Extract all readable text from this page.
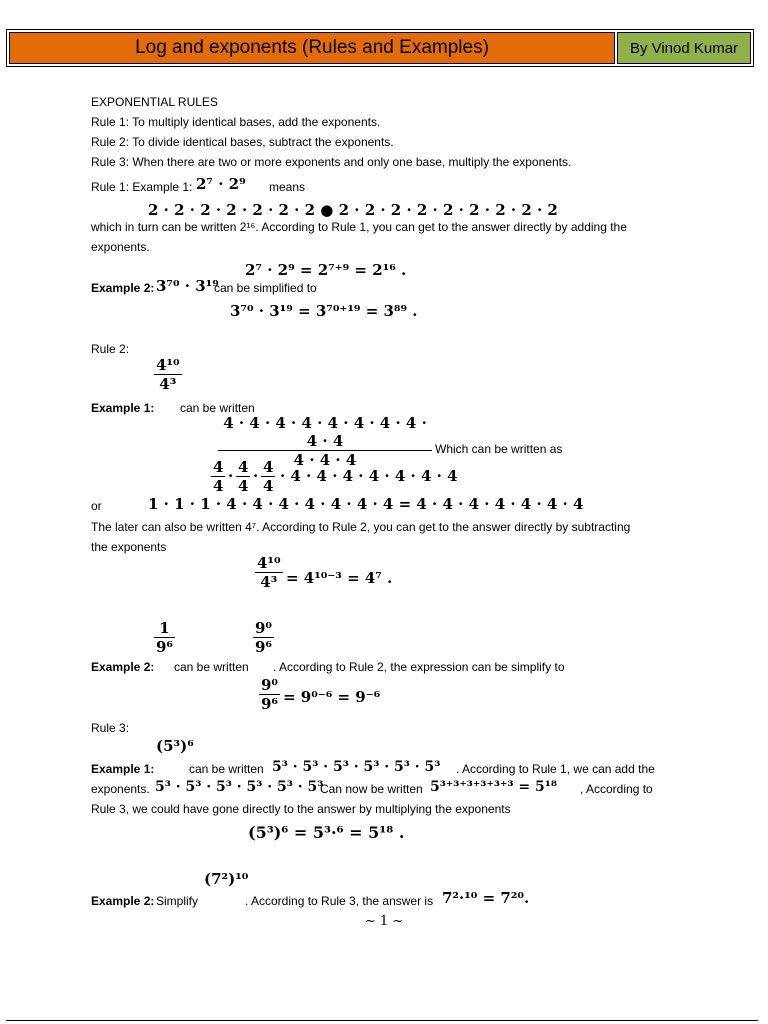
Log and exponents (Rules and Examples)	By Vinod Kumar
EXPONENTIAL RULES
Rule 1: To multiply identical bases, add the exponents.
Rule 2: To divide identical bases, subtract the exponents.
Rule 3: When there are two or more exponents and only one base, multiply the exponents.
Rule 1: Example 1: 2⁷ · 2⁹ means
2 · 2 · 2 · 2 · 2 · 2 · 2 ● 2 · 2 · 2 · 2 · 2 · 2 · 2 · 2 · 2
which in turn can be written 2¹⁶. According to Rule 1, you can get to the answer directly by adding the
exponents.
2⁷ · 2⁹ = 2⁷⁺⁹ = 2¹⁶ .
Example 2: 3⁷⁰ · 3¹⁹
can be simplified to
3⁷⁰ · 3¹⁹ = 3⁷⁰⁺¹⁹ = 3⁸⁹ .
Rule 2:
$\frac{\text{4¹⁰}}{\text{4³}}$
Example 1: can be written
$\frac{4 \cdot 4 \cdot 4 \cdot 4 \cdot 4 \cdot 4 \cdot 4 \cdot 4 \cdot 4 \cdot 4}{4 \cdot 4 \cdot 4}$ Which can be written as
$\frac{4}{4} \cdot \frac{4}{4} \cdot \frac{4}{4} \cdot 4 \cdot 4 \cdot 4 \cdot 4 \cdot 4 \cdot 4 \cdot 4$
or	1 · 1 · 1 · 4 · 4 · 4 · 4 · 4 · 4 · 4 = 4 · 4 · 4 · 4 · 4 · 4 · 4
The later can also be written 4⁷. According to Rule 2, you can get to the answer directly by subtracting
the exponents
$\frac{\text{4¹⁰}}{\text{4³}} = 4^{10-3} = 4^7$ .
$\frac{1}{\text{9⁶}}$	$\frac{\text{9⁰}}{\text{9⁶}}$
Example 2: can be written . According to Rule 2, the expression can be simplify to
$\frac{\text{9⁰}}{\text{9⁶}} = 9^{0-6} = 9^{-6}$
Rule 3:
(5³)⁶
Example 1:	can be written 5³ · 5³ · 5³ · 5³ · 5³ · 5³ . According to Rule 1, we can add the
exponents. 5³ · 5³ · 5³ · 5³ · 5³ · 5³
Can now be written 5³⁺³⁺³⁺³⁺³⁺³ = 5¹⁸ , According to
Rule 3, we could have gone directly to the answer by multiplying the exponents
(5³)⁶ = 5³·⁶ = 5¹⁸ .
(7²)¹⁰
Example 2: Simplify	. According to Rule 3, the answer is 7²·¹⁰ = 7²⁰.
~ 1 ~
